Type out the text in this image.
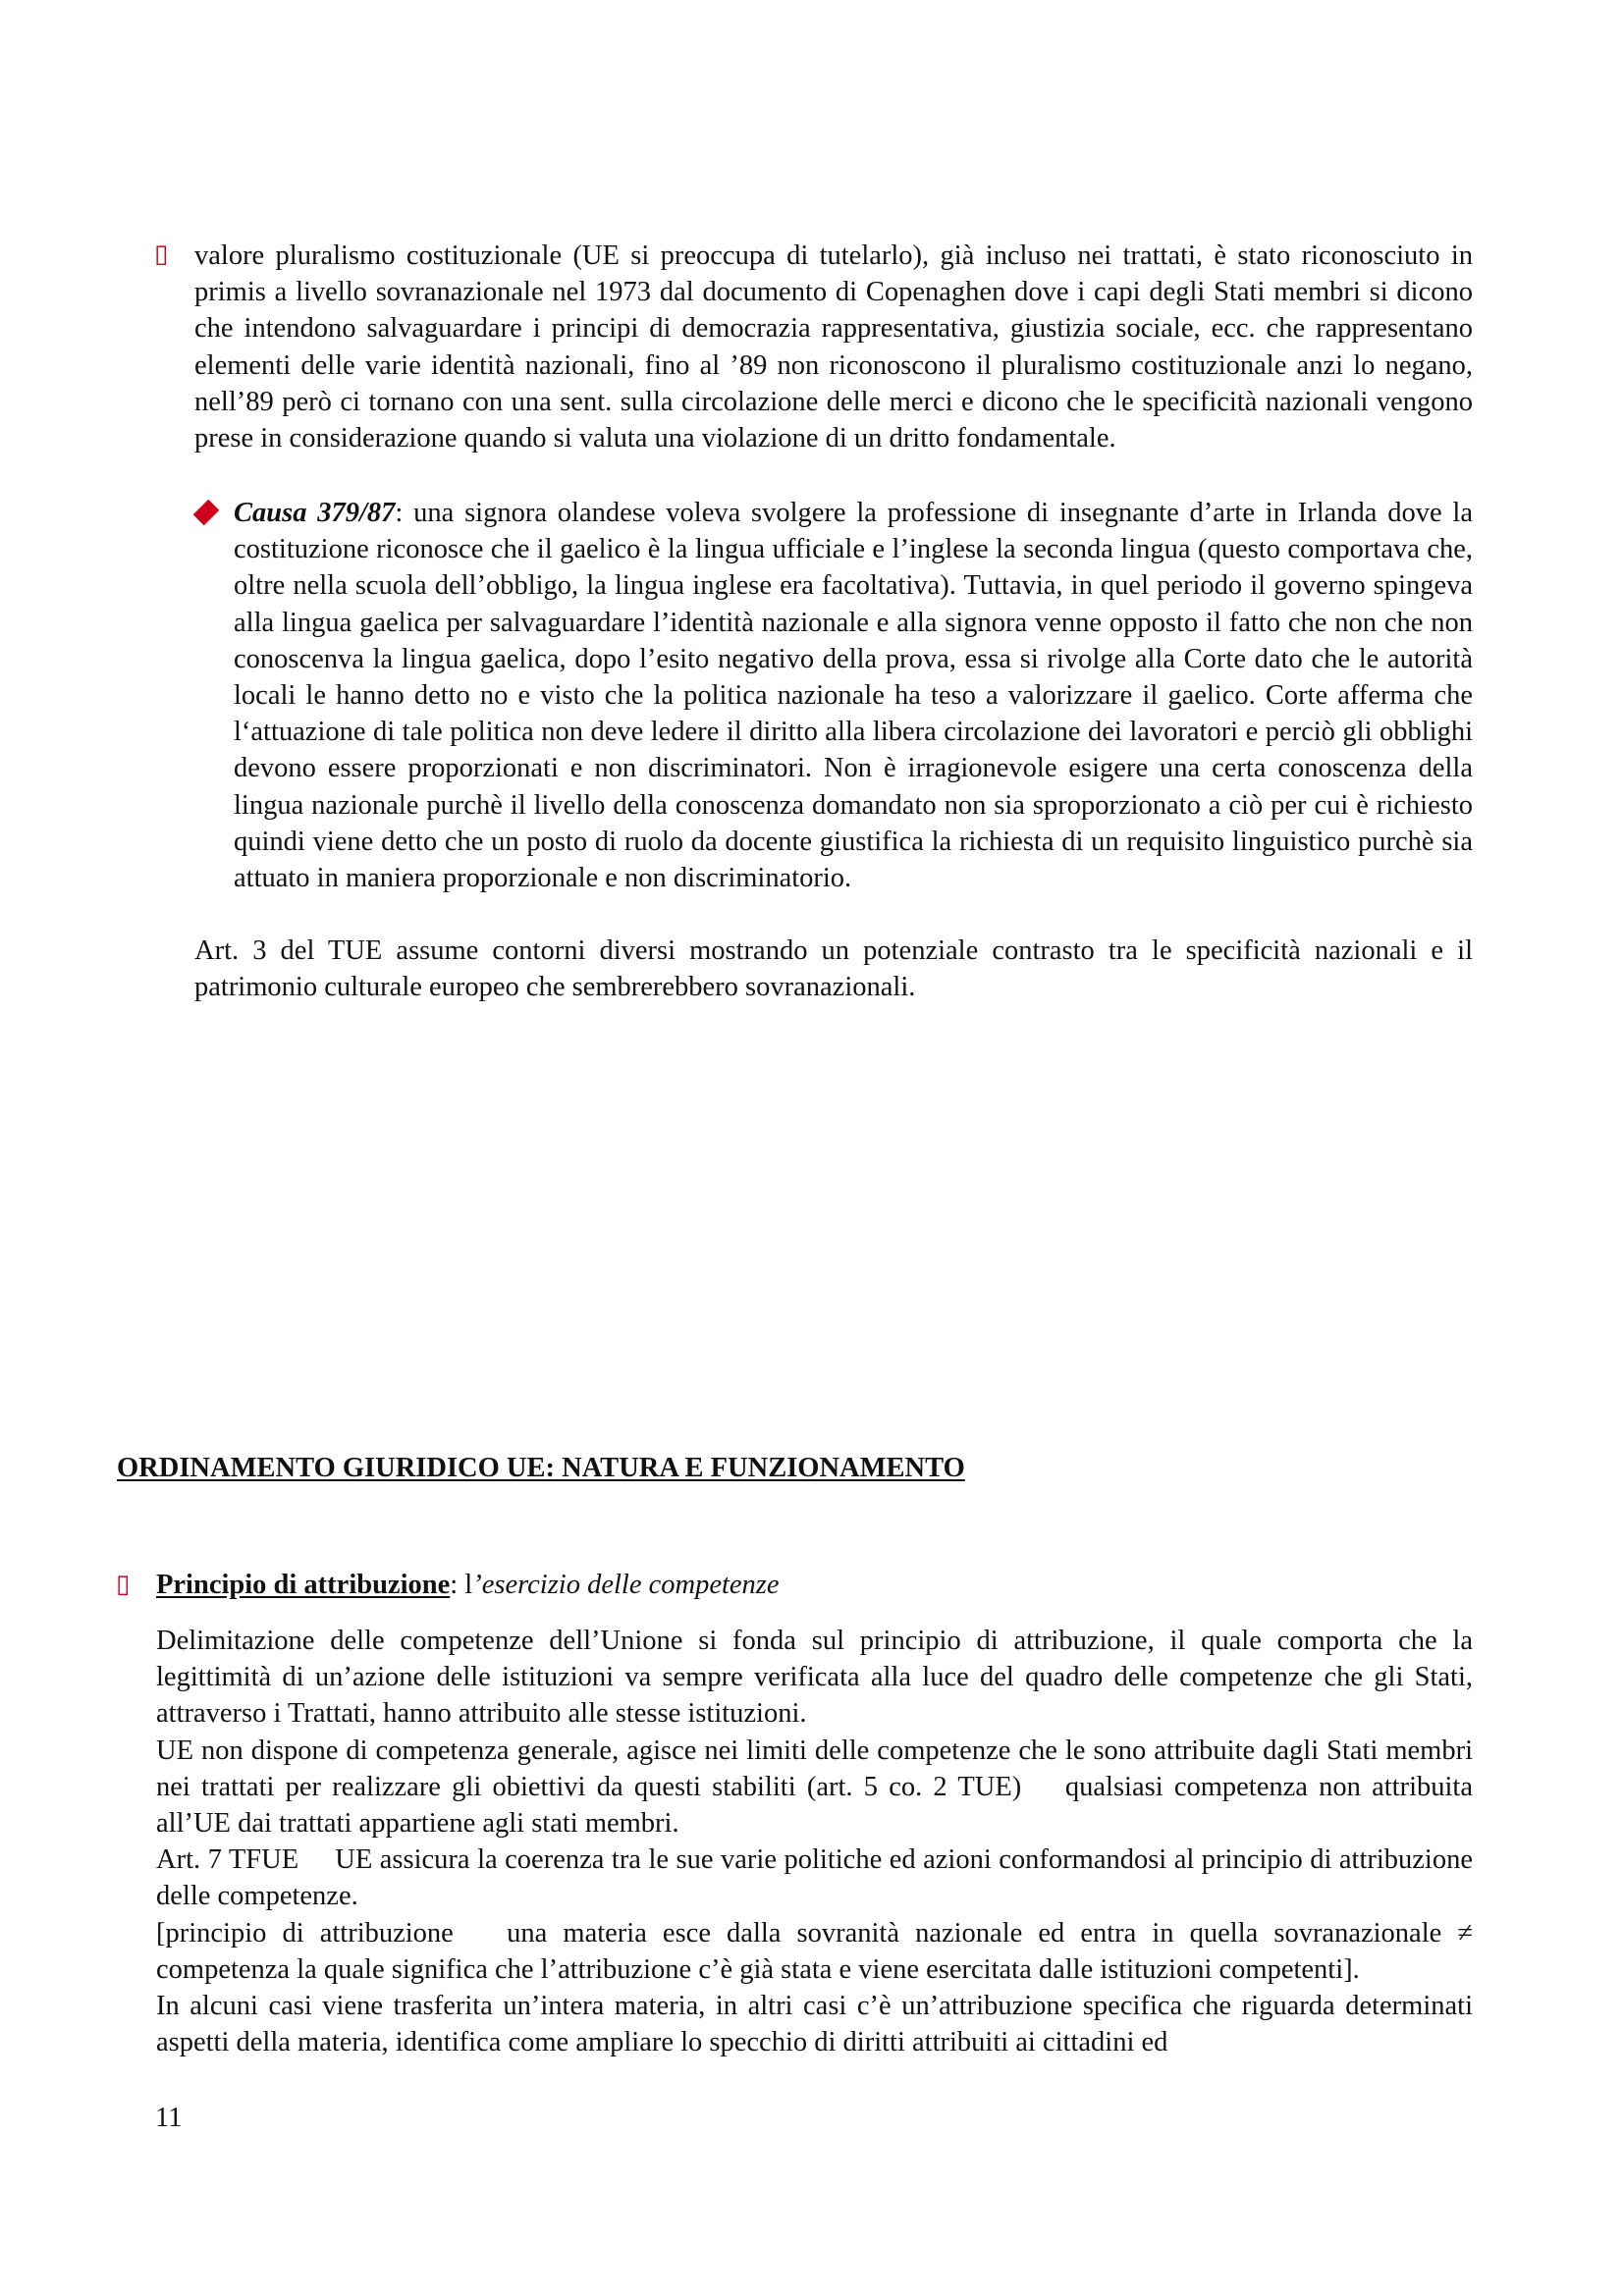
▯ valore pluralismo costituzionale (UE si preoccupa di tutelarlo), già incluso nei trattati, è stato riconosciuto in primis a livello sovranazionale nel 1973 dal documento di Copenaghen dove i capi degli Stati membri si dicono che intendono salvaguardare i principi di democrazia rappresentativa, giustizia sociale, ecc. che rappresentano elementi delle varie identità nazionali, fino al ’89 non riconoscono il pluralismo costituzionale anzi lo negano, nell’89 però ci tornano con una sent. sulla circolazione delle merci e dicono che le specificità nazionali vengono prese in considerazione quando si valuta una violazione di un dritto fondamentale.

Causa 379/87: una signora olandese voleva svolgere la professione di insegnante d’arte in Irlanda dove la costituzione riconosce che il gaelico è la lingua ufficiale e l’inglese la seconda lingua (questo comportava che, oltre nella scuola dell’obbligo, la lingua inglese era facoltativa). Tuttavia, in quel periodo il governo spingeva alla lingua gaelica per salvaguardare l’identità nazionale e alla signora venne opposto il fatto che non che non conoscenva la lingua gaelica, dopo l’esito negativo della prova, essa si rivolge alla Corte dato che le autorità locali le hanno detto no e visto che la politica nazionale ha teso a valorizzare il gaelico. Corte afferma che l‘attuazione di tale politica non deve ledere il diritto alla libera circolazione dei lavoratori e perciò gli obblighi devono essere proporzionati e non discriminatori. Non è irragionevole esigere una certa conoscenza della lingua nazionale purchè il livello della conoscenza domandato non sia sproporzionato a ciò per cui è richiesto quindi viene detto che un posto di ruolo da docente giustifica la richiesta di un requisito linguistico purchè sia attuato in maniera proporzionale e non discriminatorio.

Art. 3 del TUE assume contorni diversi mostrando un potenziale contrasto tra le specificità nazionali e il patrimonio culturale europeo che sembrerebbero sovranazionali.

ORDINAMENTO GIURIDICO UE: NATURA E FUNZIONAMENTO
▯ Principio di attribuzione: l’esercizio delle competenze

Delimitazione delle competenze dell’Unione si fonda sul principio di attribuzione, il quale comporta che la legittimità di un’azione delle istituzioni va sempre verificata alla luce del quadro delle competenze che gli Stati, attraverso i Trattati, hanno attribuito alle stesse istituzioni.

UE non dispone di competenza generale, agisce nei limiti delle competenze che le sono attribuite dagli Stati membri nei trattati per realizzare gli obiettivi da questi stabiliti (art. 5 co. 2 TUE)   qualsiasi competenza non attribuita all’UE dai trattati appartiene agli stati membri.

Art. 7 TFUE   UE assicura la coerenza tra le sue varie politiche ed azioni conformandosi al principio di attribuzione delle competenze.

[principio di attribuzione   una materia esce dalla sovranità nazionale ed entra in quella sovranazionale ≠ competenza la quale significa che l’attribuzione c’è già stata e viene esercitata dalle istituzioni competenti].

In alcuni casi viene trasferita un’intera materia, in altri casi c’è un’attribuzione specifica che riguarda determinati aspetti della materia, identifica come ampliare lo specchio di diritti attribuiti ai cittadini ed

11
